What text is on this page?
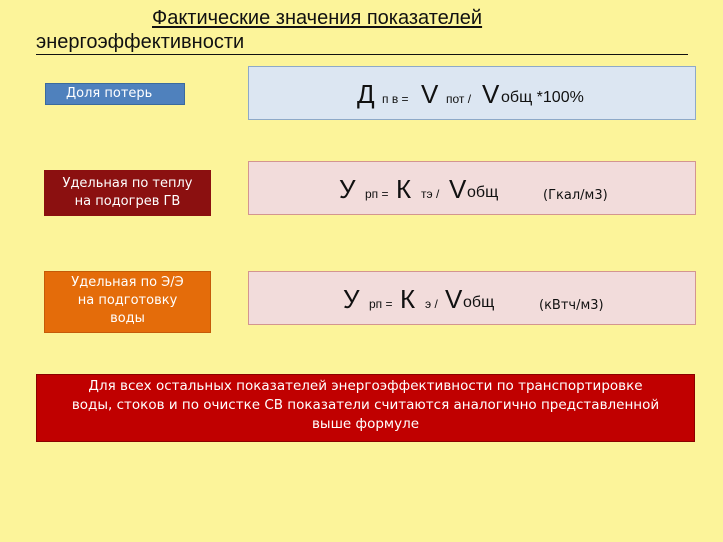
Фактические значения показателей
энергоэффективности
Доля потерь	Д п в = V пот / V общ *100%
Удельная по теплу
на подогрев ГВ	У рп = К тэ / V общ	(Гкал/м3)
Удельная по Э/Э
на подготовку
воды
У рп = К э / V общ	(кВтч/м3)
Для всех остальных показателей энергоэффективности по транспортировке
воды, стоков и по очистке СВ показатели считаются аналогично представленной
выше формуле
